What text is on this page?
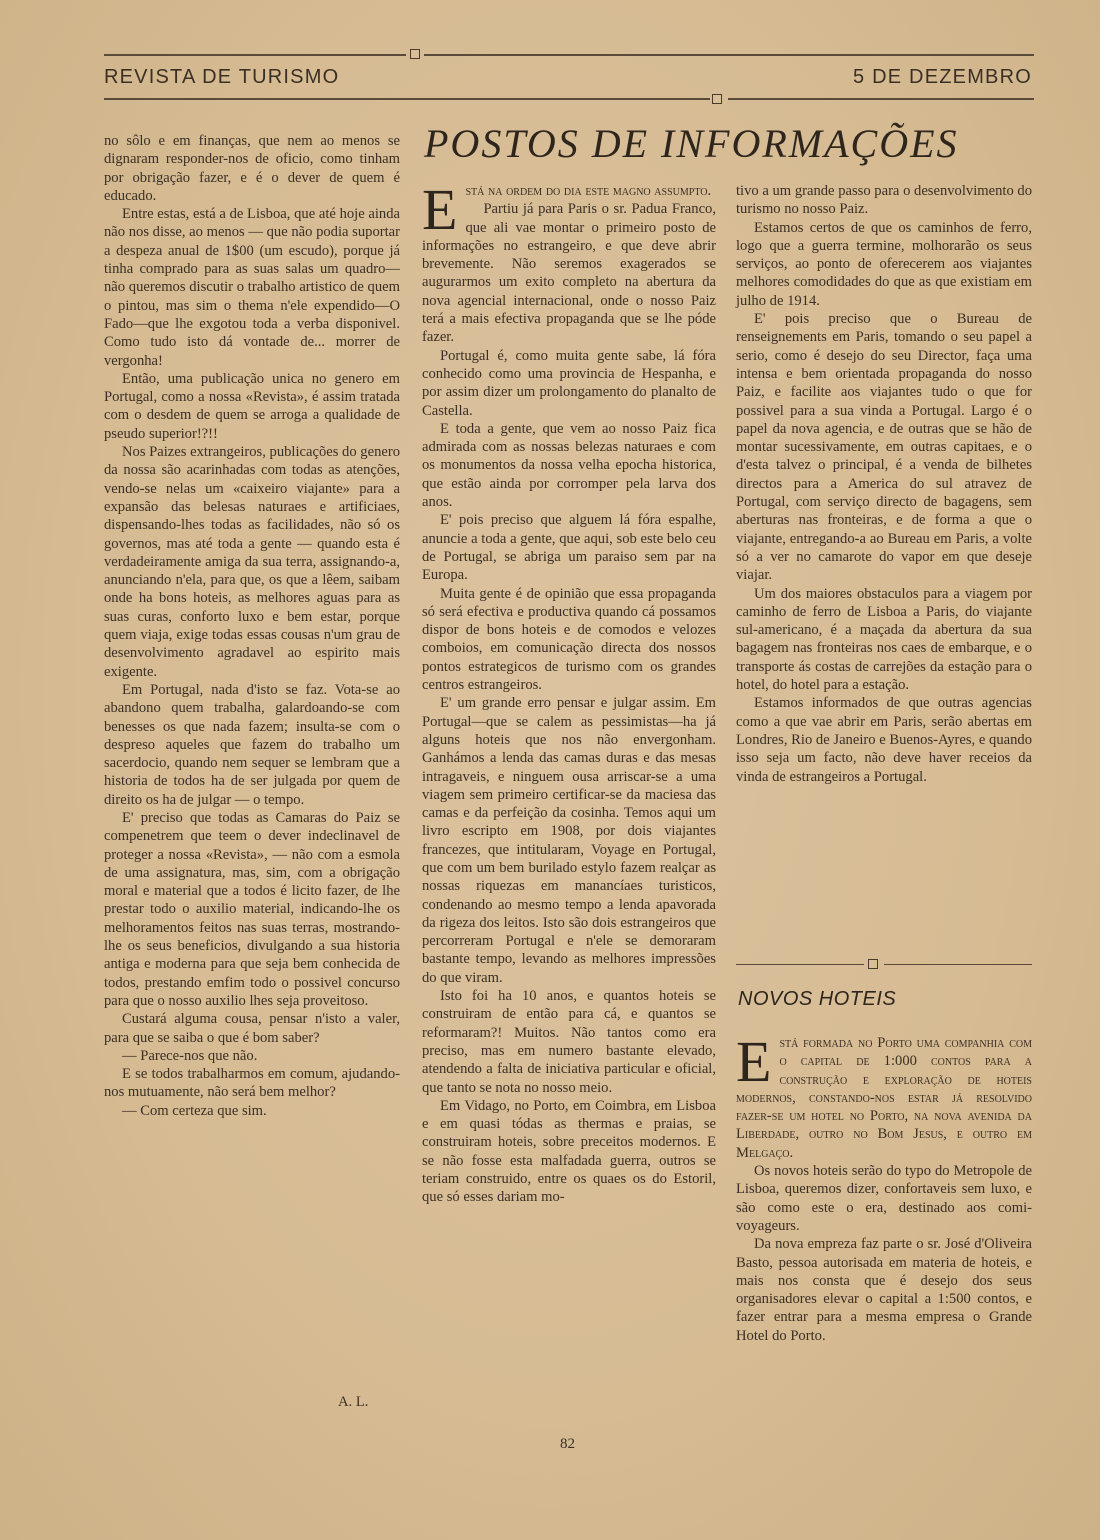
REVISTA DE TURISMO	5 DE DEZEMBRO

no sôlo e em finanças, que nem ao menos se dignaram responder-nos de oficio, como tinham por obrigação fazer, e é o dever de quem é educado.

Entre estas, está a de Lisboa, que até hoje ainda não nos disse, ao menos — que não podia suportar a despeza anual de 1$00 (um escudo), porque já tinha comprado para as suas salas um quadro—não queremos discutir o trabalho artistico de quem o pintou, mas sim o thema n'ele expendido—O Fado—que lhe exgotou toda a verba disponivel. Como tudo isto dá vontade de... morrer de vergonha!

Então, uma publicação unica no genero em Portugal, como a nossa «Revista», é assim tratada com o desdem de quem se arroga a qualidade de pseudo superior!?!!

Nos Paizes extrangeiros, publicações do genero da nossa são acarinhadas com todas as atenções, vendo-se nelas um «caixeiro viajante» para a expansão das belesas naturaes e artificiaes, dispensando-lhes todas as facilidades, não só os governos, mas até toda a gente — quando esta é verdadeiramente amiga da sua terra, assignando-a, anunciando n'ela, para que, os que a lêem, saibam onde ha bons hoteis, as melhores aguas para as suas curas, conforto luxo e bem estar, porque quem viaja, exige todas essas cousas n'um grau de desenvolvimento agradavel ao espirito mais exigente.

Em Portugal, nada d'isto se faz. Vota-se ao abandono quem trabalha, galardoando-se com benesses os que nada fazem; insulta-se com o despreso aqueles que fazem do trabalho um sacerdocio, quando nem sequer se lembram que a historia de todos ha de ser julgada por quem de direito os ha de julgar — o tempo.

E' preciso que todas as Camaras do Paiz se compenetrem que teem o dever indeclinavel de proteger a nossa «Revista», — não com a esmola de uma assignatura, mas, sim, com a obrigação moral e material que a todos é licito fazer, de lhe prestar todo o auxilio material, indicando-lhe os melhoramentos feitos nas suas terras, mostrando-lhe os seus beneficios, divulgando a sua historia antiga e moderna para que seja bem conhecida de todos, prestando emfim todo o possivel concurso para que o nosso auxilio lhes seja proveitoso.

Custará alguma cousa, pensar n'isto a valer, para que se saiba o que é bom saber?

— Parece-nos que não.

E se todos trabalharmos em comum, ajudando-nos mutuamente, não será bem melhor?

— Com certeza que sim.

A. L.
POSTOS DE INFORMAÇÕES

Está na ordem do dia este magno assumpto.

Partiu já para Paris o sr. Padua Franco, que ali vae montar o primeiro posto de informações no estrangeiro, e que deve abrir brevemente. Não seremos exagerados se augurarmos um exito completo na abertura da nova agencial internacional, onde o nosso Paiz terá a mais efectiva propaganda que se lhe póde fazer.

Portugal é, como muita gente sabe, lá fóra conhecido como uma provincia de Hespanha, e por assim dizer um prolongamento do planalto de Castella.

E toda a gente, que vem ao nosso Paiz fica admirada com as nossas belezas naturaes e com os monumentos da nossa velha epocha historica, que estão ainda por corromper pela larva dos anos.

E' pois preciso que alguem lá fóra espalhe, anuncie a toda a gente, que aqui, sob este belo ceu de Portugal, se abriga um paraiso sem par na Europa.

Muita gente é de opinião que essa propaganda só será efectiva e productiva quando cá possamos dispor de bons hoteis e de comodos e velozes comboios, em comunicação directa dos nossos pontos estrategicos de turismo com os grandes centros estrangeiros.

E' um grande erro pensar e julgar assim. Em Portugal—que se calem as pessimistas—ha já alguns hoteis que nos não envergonham. Ganhámos a lenda das camas duras e das mesas intragaveis, e ninguem ousa arriscar-se a uma viagem sem primeiro certificar-se da maciesa das camas e da perfeição da cosinha. Temos aqui um livro escripto em 1908, por dois viajantes francezes, que intitularam, Voyage en Portugal, que com um bem burilado estylo fazem realçar as nossas riquezas em manancíaes turisticos, condenando ao mesmo tempo a lenda apavorada da rigeza dos leitos. Isto são dois estrangeiros que percorreram Portugal e n'ele se demoraram bastante tempo, levando as melhores impressões do que viram.

Isto foi ha 10 anos, e quantos hoteis se construiram de então para cá, e quantos se reformaram?! Muitos. Não tantos como era preciso, mas em numero bastante elevado, atendendo a falta de iniciativa particular e oficial, que tanto se nota no nosso meio.

Em Vidago, no Porto, em Coimbra, em Lisboa e em quasi tódas as thermas e praias, se construiram hoteis, sobre preceitos modernos. E se não fosse esta malfadada guerra, outros se teriam construido, entre os quaes os do Estoril, que só esses dariam mo-

tivo a um grande passo para o desenvolvimento do turismo no nosso Paiz.

Estamos certos de que os caminhos de ferro, logo que a guerra termine, molhorarão os seus serviços, ao ponto de oferecerem aos viajantes melhores comodidades do que as que existiam em julho de 1914.

E' pois preciso que o Bureau de renseignements em Paris, tomando o seu papel a serio, como é desejo do seu Director, faça uma intensa e bem orientada propaganda do nosso Paiz, e facilite aos viajantes tudo o que for possivel para a sua vinda a Portugal. Largo é o papel da nova agencia, e de outras que se hão de montar sucessivamente, em outras capitaes, e o d'esta talvez o principal, é a venda de bilhetes directos para a America do sul atravez de Portugal, com serviço directo de bagagens, sem aberturas nas fronteiras, e de forma a que o viajante, entregando-a ao Bureau em Paris, a volte só a ver no camarote do vapor em que deseje viajar.

Um dos maiores obstaculos para a viagem por caminho de ferro de Lisboa a Paris, do viajante sul-americano, é a maçada da abertura da sua bagagem nas fronteiras nos caes de embarque, e o transporte ás costas de carrejões da estação para o hotel, do hotel para a estação.

Estamos informados de que outras agencias como a que vae abrir em Paris, serão abertas em Londres, Rio de Janeiro e Buenos-Ayres, e quando isso seja um facto, não deve haver receios da vinda de estrangeiros a Portugal.

NOVOS HOTEIS

Está formada no Porto uma companhia com o capital de 1:000 contos para a construção e exploração de hoteis modernos, constando-nos estar já resolvido fazer-se um hotel no Porto, na nova avenida da Liberdade, outro no Bom Jesus, e outro em Melgaço.

Os novos hoteis serão do typo do Metropole de Lisboa, queremos dizer, confortaveis sem luxo, e são como este o era, destinado aos comi-voyageurs.

Da nova empreza faz parte o sr. José d'Oliveira Basto, pessoa autorisada em materia de hoteis, e mais nos consta que é desejo dos seus organisadores elevar o capital a 1:500 contos, e fazer entrar para a mesma empresa o Grande Hotel do Porto.

82
